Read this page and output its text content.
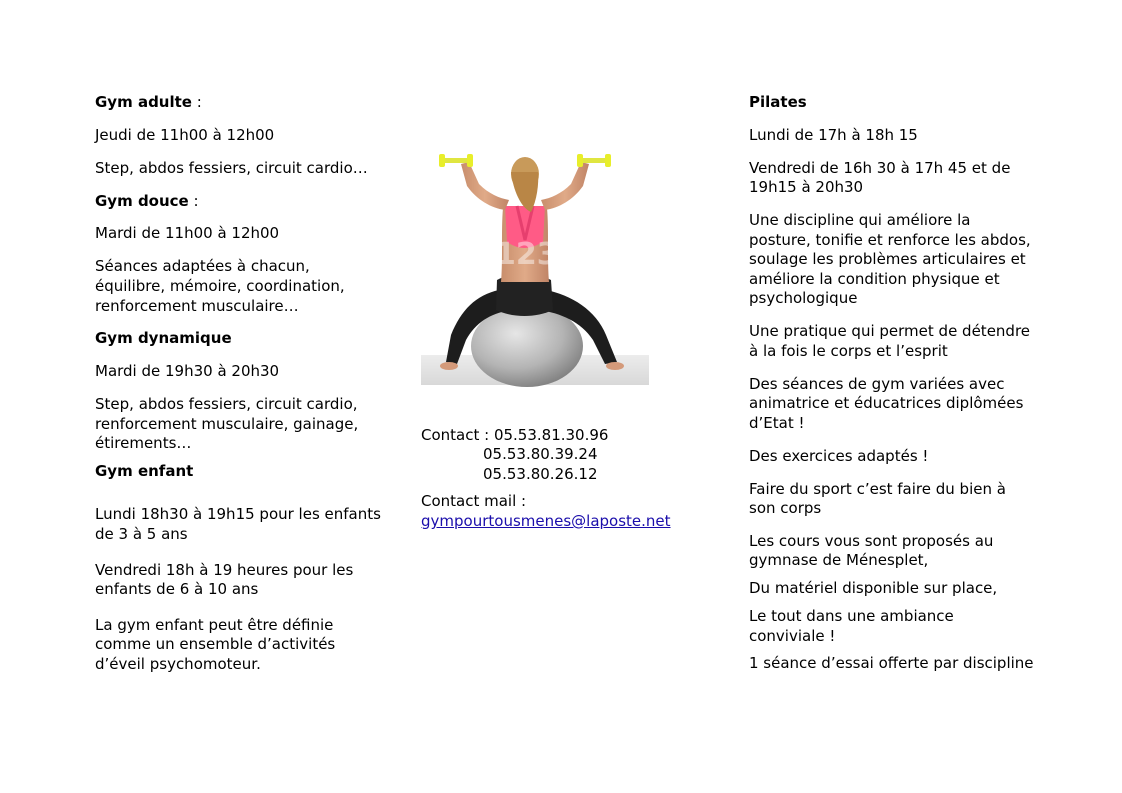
Gym adulte :

Jeudi de 11h00 à 12h00

Step, abdos fessiers, circuit cardio…

Gym douce :

Mardi de 11h00 à 12h00

Séances adaptées à chacun,

équilibre, mémoire, coordination,

renforcement musculaire…

Gym dynamique

Mardi de 19h30 à 20h30

Step, abdos fessiers, circuit cardio,

renforcement musculaire, gainage,

étirements…

Gym enfant

Lundi 18h30 à 19h15 pour les enfants

de 3 à 5 ans

Vendredi 18h à 19 heures pour les

enfants de 6 à 10 ans

La gym enfant peut être définie

comme un ensemble d’activités

d’éveil psychomoteur.

123RF

Contact : 05.53.81.30.96

05.53.80.39.24

05.53.80.26.12

Contact mail :

gympourtousmenes@laposte.net

Pilates

Lundi de 17h à 18h 15

Vendredi de 16h 30 à 17h 45 et de

19h15 à 20h30

Une discipline qui améliore la

posture, tonifie et renforce les abdos,

soulage les problèmes articulaires et

améliore la condition physique et

psychologique

Une pratique qui permet de détendre

à la fois le corps et l’esprit

Des séances de gym variées avec

animatrice et éducatrices diplômées

d’Etat !

Des exercices adaptés !

Faire du sport c’est faire du bien à

son corps

Les cours vous sont proposés au

gymnase de Ménesplet,

Du matériel disponible sur place,

Le tout dans une ambiance

conviviale !

1 séance d’essai offerte par discipline
